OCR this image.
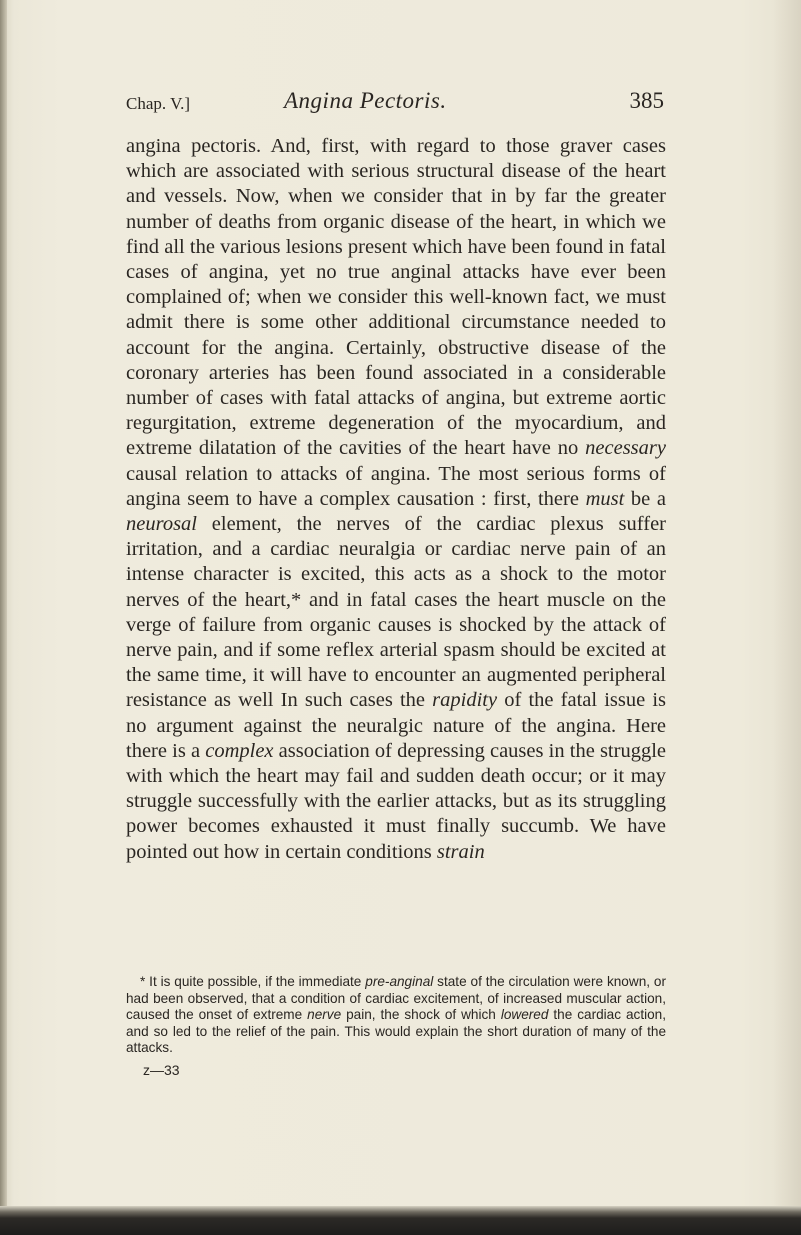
Chap. V.]	Angina Pectoris.	385
angina pectoris. And, first, with regard to those graver cases which are associated with serious structural disease of the heart and vessels. Now, when we consider that in by far the greater number of deaths from organic disease of the heart, in which we find all the various lesions present which have been found in fatal cases of angina, yet no true anginal attacks have ever been complained of; when we consider this well-known fact, we must admit there is some other additional circumstance needed to account for the angina. Certainly, obstructive disease of the coronary arteries has been found associated in a considerable number of cases with fatal attacks of angina, but extreme aortic regurgitation, extreme degeneration of the myocardium, and extreme dilatation of the cavities of the heart have no necessary causal relation to attacks of angina. The most serious forms of angina seem to have a complex causation : first, there must be a neurosal element, the nerves of the cardiac plexus suffer irritation, and a cardiac neuralgia or cardiac nerve pain of an intense character is excited, this acts as a shock to the motor nerves of the heart,* and in fatal cases the heart muscle on the verge of failure from organic causes is shocked by the attack of nerve pain, and if some reflex arterial spasm should be excited at the same time, it will have to encounter an augmented peripheral resistance as well In such cases the rapidity of the fatal issue is no argument against the neuralgic nature of the angina. Here there is a complex association of depressing causes in the struggle with which the heart may fail and sudden death occur; or it may struggle successfully with the earlier attacks, but as its struggling power becomes exhausted it must finally succumb. We have pointed out how in certain conditions strain
* It is quite possible, if the immediate pre-anginal state of the circulation were known, or had been observed, that a condition of cardiac excitement, of increased muscular action, caused the onset of extreme nerve pain, the shock of which lowered the cardiac action, and so led to the relief of the pain. This would explain the short duration of many of the attacks.
z—33
